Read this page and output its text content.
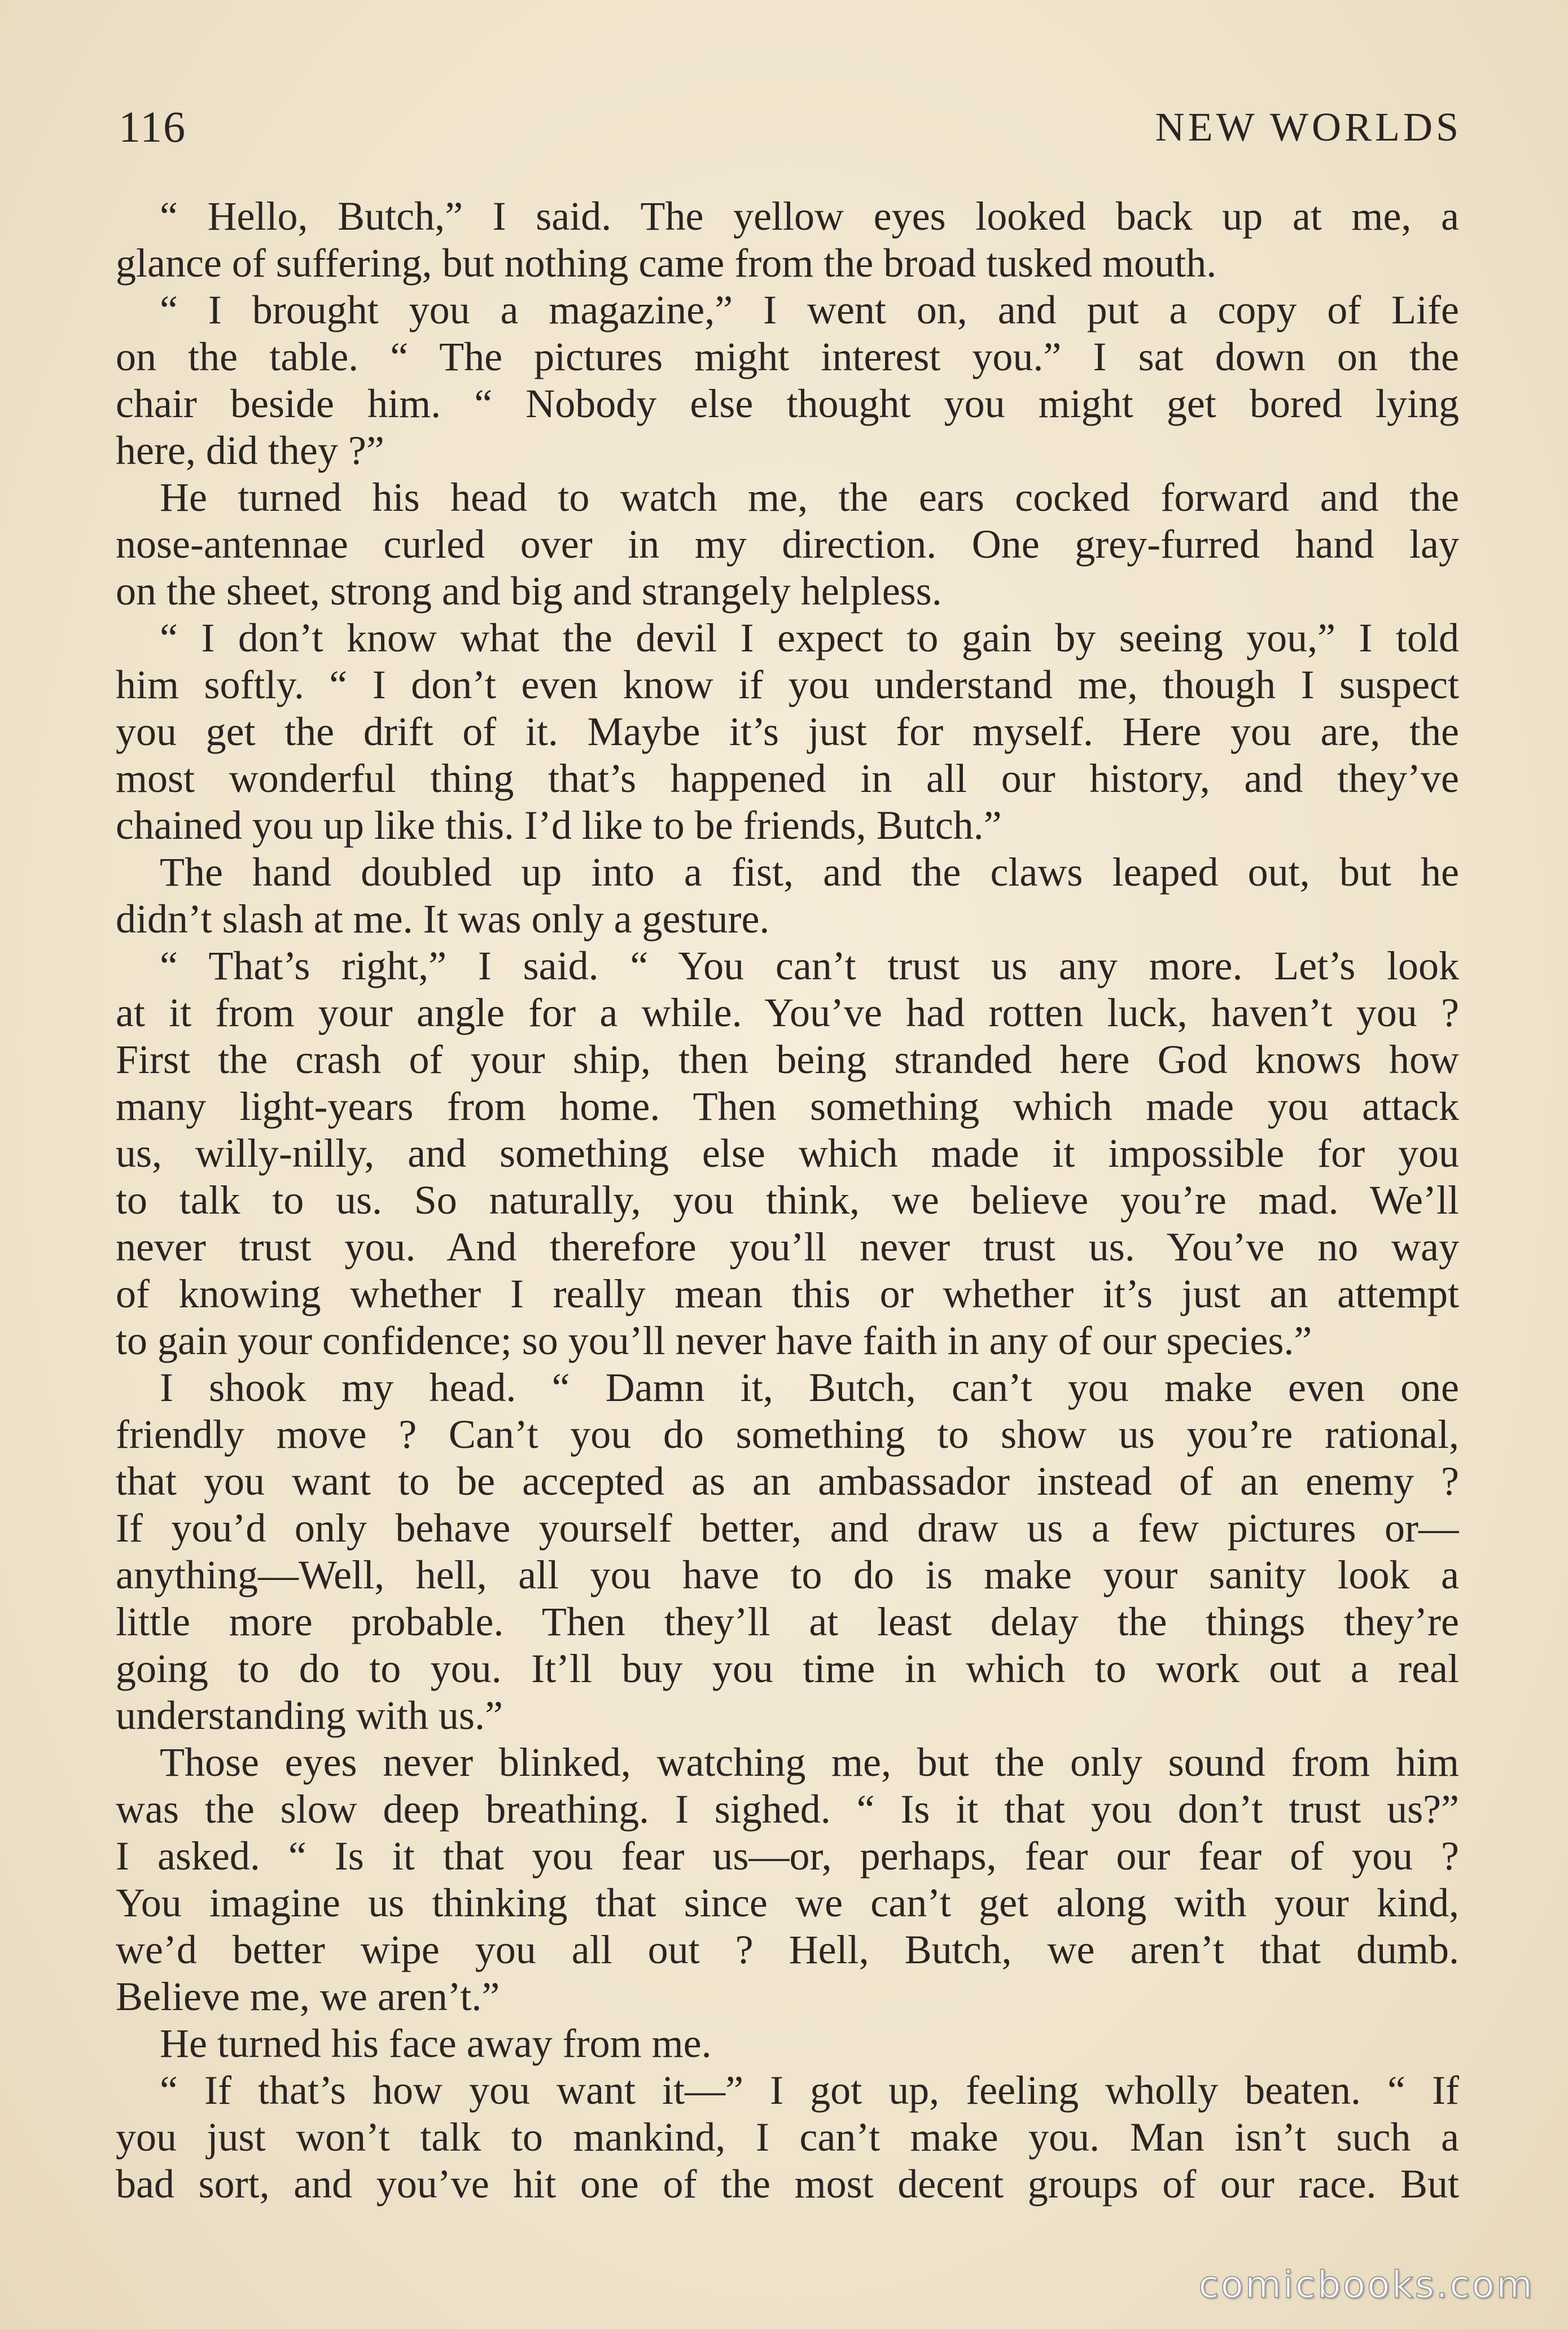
116	NEW WORLDS
“ Hello, Butch,” I said. The yellow eyes looked back up at me, a
glance of suffering, but nothing came from the broad tusked mouth.
“ I brought you a magazine,” I went on, and put a copy of Life
on the table. “ The pictures might interest you.” I sat down on the
chair beside him. “ Nobody else thought you might get bored lying
here, did they ?”
He turned his head to watch me, the ears cocked forward and the
nose-antennae curled over in my direction. One grey-furred hand lay
on the sheet, strong and big and strangely helpless.
“ I don’t know what the devil I expect to gain by seeing you,” I told
him softly. “ I don’t even know if you understand me, though I suspect
you get the drift of it. Maybe it’s just for myself. Here you are, the
most wonderful thing that’s happened in all our history, and they’ve
chained you up like this. I’d like to be friends, Butch.”
The hand doubled up into a fist, and the claws leaped out, but he
didn’t slash at me. It was only a gesture.
“ That’s right,” I said. “ You can’t trust us any more. Let’s look
at it from your angle for a while. You’ve had rotten luck, haven’t you ?
First the crash of your ship, then being stranded here God knows how
many light-years from home. Then something which made you attack
us, willy-nilly, and something else which made it impossible for you
to talk to us. So naturally, you think, we believe you’re mad. We’ll
never trust you. And therefore you’ll never trust us. You’ve no way
of knowing whether I really mean this or whether it’s just an attempt
to gain your confidence; so you’ll never have faith in any of our species.”
I shook my head. “ Damn it, Butch, can’t you make even one
friendly move ? Can’t you do something to show us you’re rational,
that you want to be accepted as an ambassador instead of an enemy ?
If you’d only behave yourself better, and draw us a few pictures or—
anything—Well, hell, all you have to do is make your sanity look a
little more probable. Then they’ll at least delay the things they’re
going to do to you. It’ll buy you time in which to work out a real
understanding with us.”
Those eyes never blinked, watching me, but the only sound from him
was the slow deep breathing. I sighed. “ Is it that you don’t trust us?”
I asked. “ Is it that you fear us—or, perhaps, fear our fear of you ?
You imagine us thinking that since we can’t get along with your kind,
we’d better wipe you all out ? Hell, Butch, we aren’t that dumb.
Believe me, we aren’t.”
He turned his face away from me.
“ If that’s how you want it—” I got up, feeling wholly beaten. “ If
you just won’t talk to mankind, I can’t make you. Man isn’t such a
bad sort, and you’ve hit one of the most decent groups of our race. But
comicbooks.com
